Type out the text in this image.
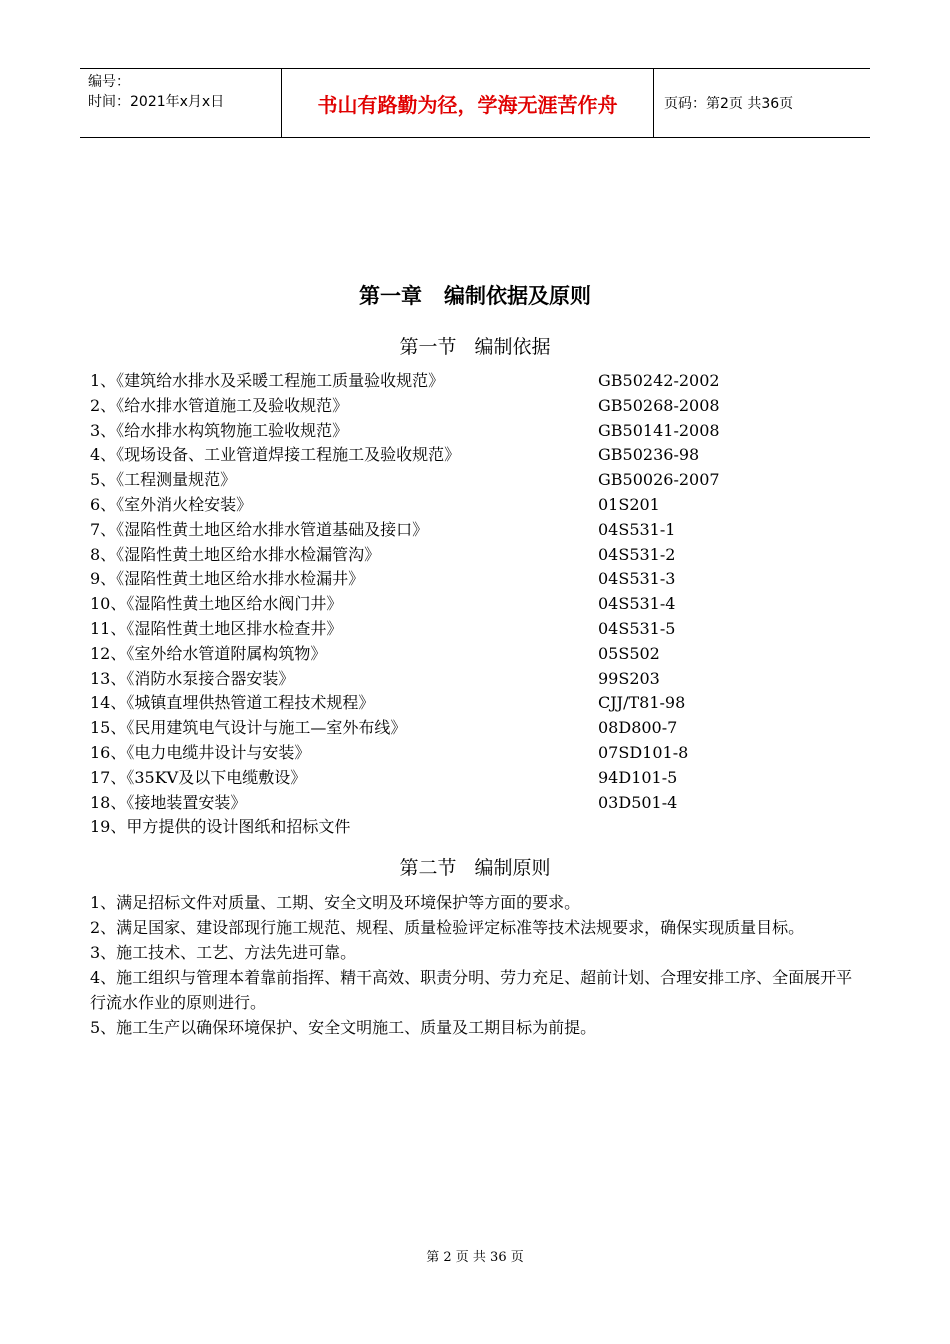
编号：
时间：2021年x月x日	书山有路勤为径，学海无涯苦作舟	页码：第2页 共36页
第一章   编制依据及原则
第一节   编制依据
1、《建筑给水排水及采暖工程施工质量验收规范》	GB50242-2002
2、《给水排水管道施工及验收规范》	GB50268-2008
3、《给水排水构筑物施工验收规范》	GB50141-2008
4、《现场设备、工业管道焊接工程施工及验收规范》	GB50236-98
5、《工程测量规范》	GB50026-2007
6、《室外消火栓安装》	01S201
7、《湿陷性黄土地区给水排水管道基础及接口》	04S531-1
8、《湿陷性黄土地区给水排水检漏管沟》	04S531-2
9、《湿陷性黄土地区给水排水检漏井》	04S531-3
10、《湿陷性黄土地区给水阀门井》	04S531-4
11、《湿陷性黄土地区排水检查井》	04S531-5
12、《室外给水管道附属构筑物》	05S502
13、《消防水泵接合器安装》	99S203
14、《城镇直埋供热管道工程技术规程》	CJJ/T81-98
15、《民用建筑电气设计与施工—室外布线》	08D800-7
16、《电力电缆井设计与安装》	07SD101-8
17、《35KV及以下电缆敷设》	94D101-5
18、《接地装置安装》	03D501-4
19、甲方提供的设计图纸和招标文件
第二节   编制原则

1、满足招标文件对质量、工期、安全文明及环境保护等方面的要求。

2、满足国家、建设部现行施工规范、规程、质量检验评定标准等技术法规要求，确保实现质量目标。

3、施工技术、工艺、方法先进可靠。

4、施工组织与管理本着靠前指挥、精干高效、职责分明、劳力充足、超前计划、合理安排工序、全面展开平行流水作业的原则进行。

5、施工生产以确保环境保护、安全文明施工、质量及工期目标为前提。

第 2 页 共 36 页
